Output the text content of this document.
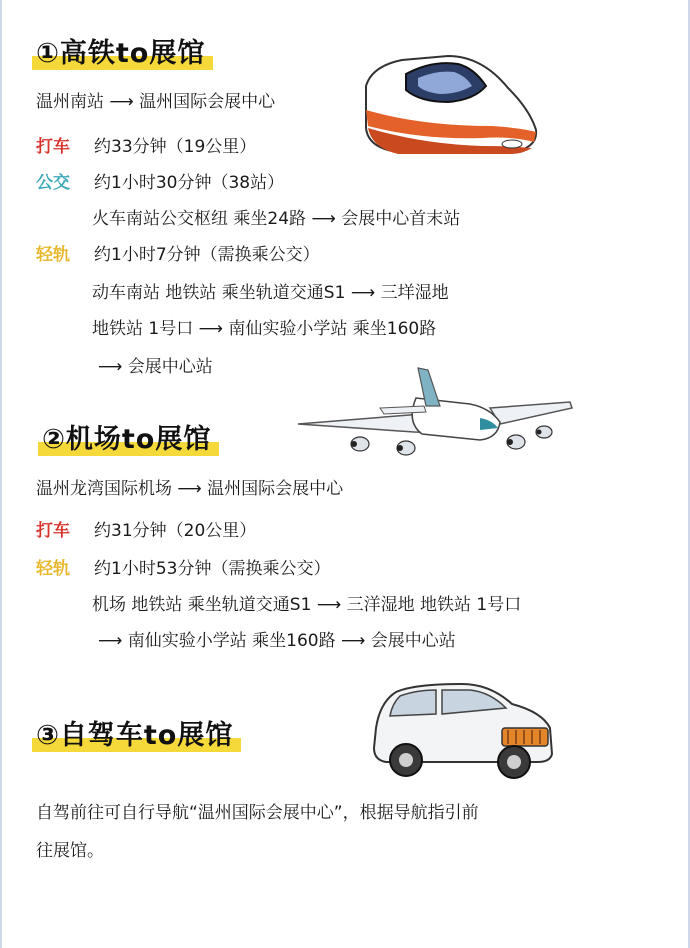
①高铁to展馆
温州南站 ⟶ 温州国际会展中心
打车 约33分钟（19公里）
公交 约1小时30分钟（38站）
火车南站公交枢纽 乘坐24路 ⟶ 会展中心首末站
轻轨 约1小时7分钟（需换乘公交）
动车南站 地铁站 乘坐轨道交通S1 ⟶ 三垟湿地
地铁站 1号口 ⟶ 南仙实验小学站 乘坐160路
⟶ 会展中心站
②机场to展馆
温州龙湾国际机场 ⟶ 温州国际会展中心
打车 约31分钟（20公里）
轻轨 约1小时53分钟（需换乘公交）
机场 地铁站 乘坐轨道交通S1 ⟶ 三洋湿地 地铁站 1号口
⟶ 南仙实验小学站 乘坐160路 ⟶ 会展中心站
③自驾车to展馆
自驾前往可自行导航“温州国际会展中心”，根据导航指引前
往展馆。
